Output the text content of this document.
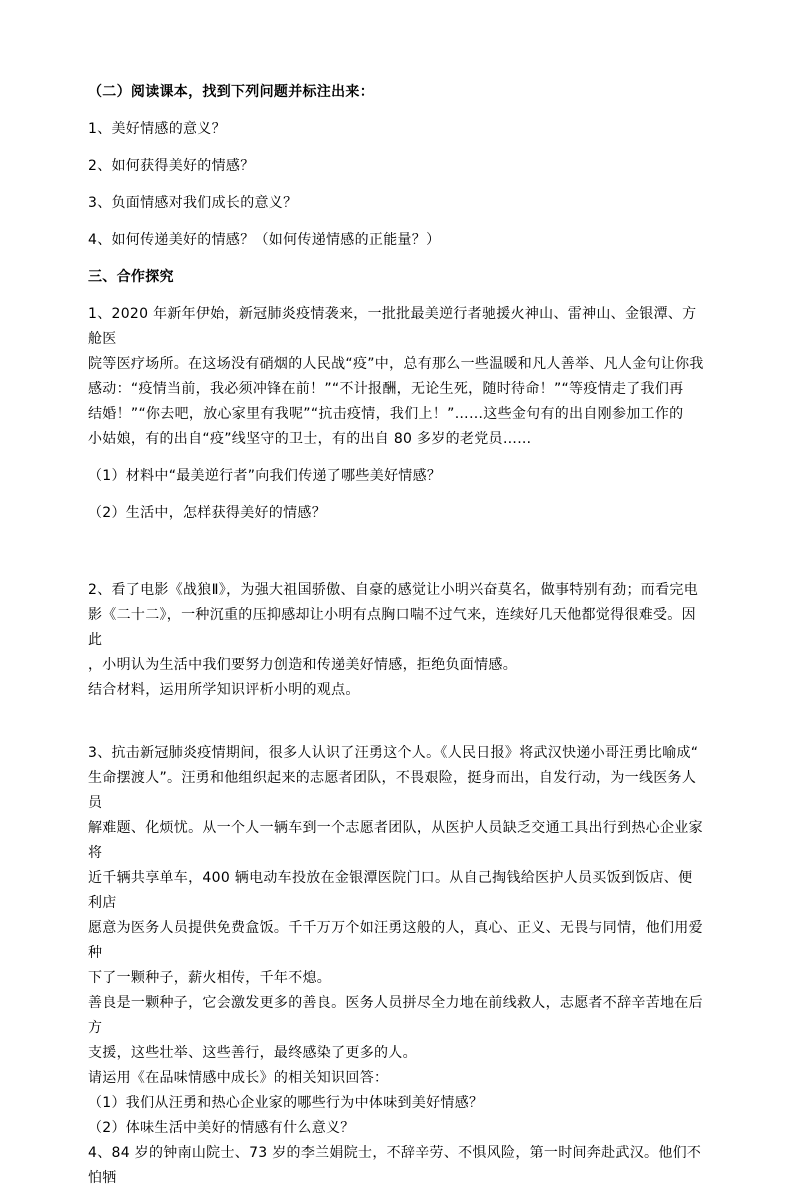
（二）阅读课本，找到下列问题并标注出来：

1、美好情感的意义？

2、如何获得美好的情感？

3、负面情感对我们成长的意义？

4、如何传递美好的情感？（如何传递情感的正能量？）

三、合作探究

1、2020 年新年伊始，新冠肺炎疫情袭来，一批批最美逆行者驰援火神山、雷神山、金银潭、方舱医

院等医疗场所。在这场没有硝烟的人民战“疫”中，总有那么一些温暖和凡人善举、凡人金句让你我

感动：“疫情当前，我必须冲锋在前！”“不计报酬，无论生死，随时待命！”“等疫情走了我们再

结婚！”“你去吧，放心家里有我呢”“抗击疫情，我们上！”……这些金句有的出自刚参加工作的

小姑娘，有的出自“疫”线坚守的卫士，有的出自 80 多岁的老党员……

（1）材料中“最美逆行者”向我们传递了哪些美好情感？

（2）生活中，怎样获得美好的情感？

2、看了电影《战狼Ⅱ》，为强大祖国骄傲、自豪的感觉让小明兴奋莫名，做事特别有劲；而看完电

影《二十二》，一种沉重的压抑感却让小明有点胸口喘不过气来，连续好几天他都觉得很难受。因此

，小明认为生活中我们要努力创造和传递美好情感，拒绝负面情感。

结合材料，运用所学知识评析小明的观点。

3、抗击新冠肺炎疫情期间，很多人认识了汪勇这个人。《人民日报》将武汉快递小哥汪勇比喻成“

生命摆渡人”。汪勇和他组织起来的志愿者团队，不畏艰险，挺身而出，自发行动，为一线医务人员

解难题、化烦忧。从一个人一辆车到一个志愿者团队，从医护人员缺乏交通工具出行到热心企业家将

近千辆共享单车，400 辆电动车投放在金银潭医院门口。从自己掏钱给医护人员买饭到饭店、便利店

愿意为医务人员提供免费盒饭。千千万万个如汪勇这般的人，真心、正义、无畏与同情，他们用爱种

下了一颗种子，薪火相传，千年不熄。

善良是一颗种子，它会激发更多的善良。医务人员拼尽全力地在前线救人，志愿者不辞辛苦地在后方

支援，这些壮举、这些善行，最终感染了更多的人。

请运用《在品味情感中成长》的相关知识回答：

（1）我们从汪勇和热心企业家的哪些行为中体味到美好情感？

（2）体味生活中美好的情感有什么意义？

4、84 岁的钟南山院士、73 岁的李兰娟院士，不辞辛劳、不惧风险，第一时间奔赴武汉。他们不怕牺
